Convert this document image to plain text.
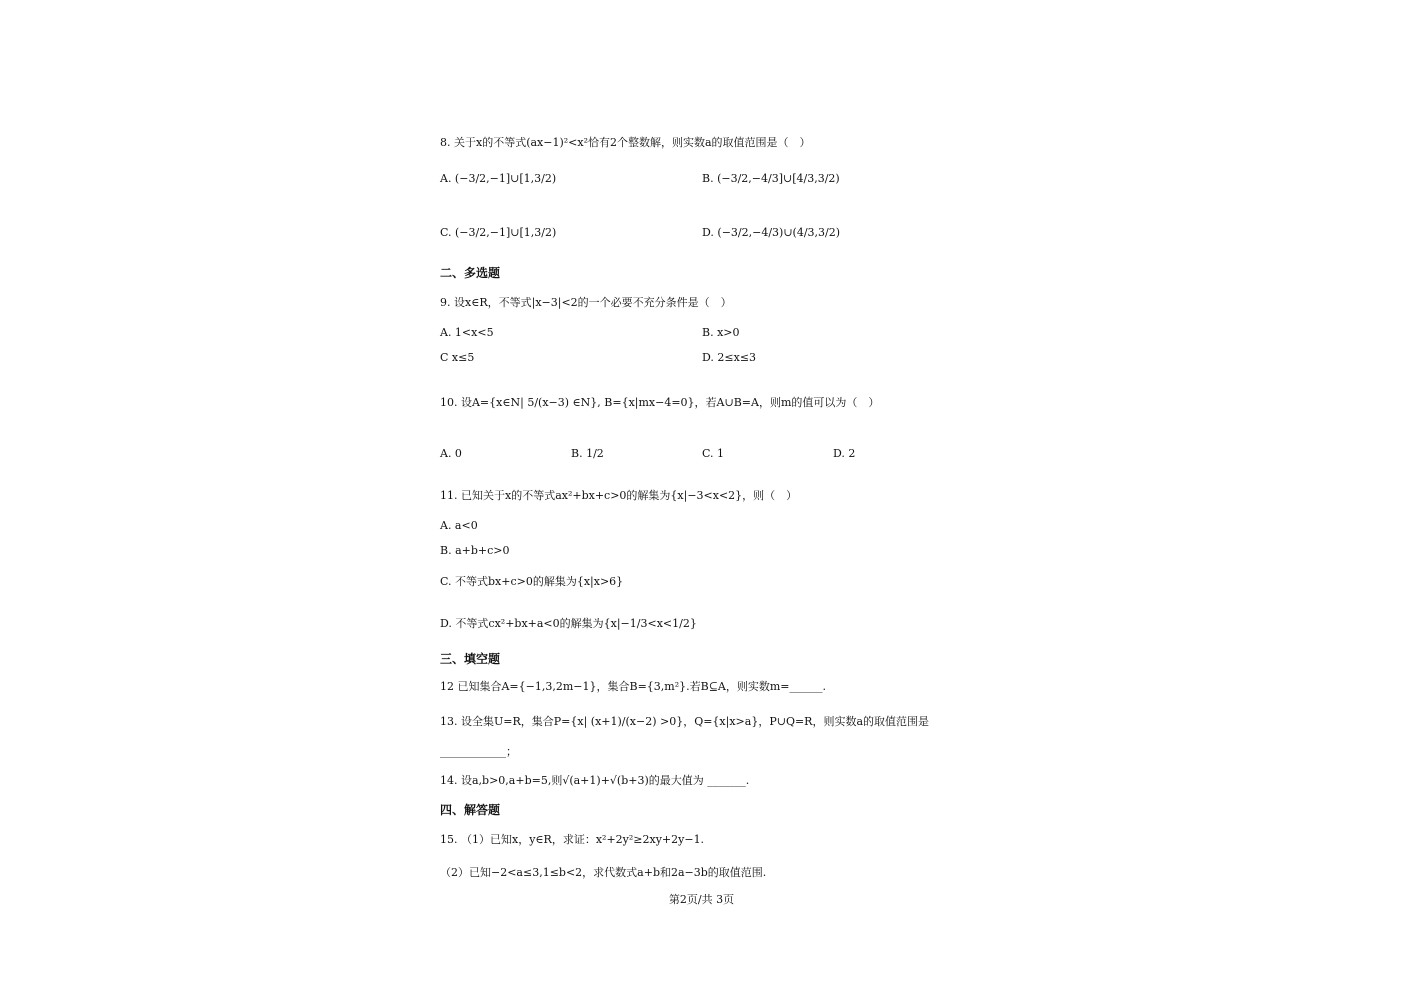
8. 关于x的不等式(ax−1)²<x²恰有2个整数解，则实数a的取值范围是（　）
A. (−3/2,−1]∪[1,3/2)	B. (−3/2,−4/3]∪[4/3,3/2)
C. (−3/2,−1]∪[1,3/2)	D. (−3/2,−4/3)∪(4/3,3/2)
二、多选题
9. 设x∈R，不等式|x−3|<2的一个必要不充分条件是（　）
A. 1<x<5	B. x>0
C x≤5	D. 2≤x≤3
10. 设A={x∈N| 5/(x−3) ∈N}, B={x|mx−4=0}，若A∪B=A，则m的值可以为（　）
A. 0	B. 1/2	C. 1	D. 2
11. 已知关于x的不等式ax²+bx+c>0的解集为{x|−3<x<2}，则（　）
A. a<0
B. a+b+c>0
C. 不等式bx+c>0的解集为{x|x>6}
D. 不等式cx²+bx+a<0的解集为{x|−1/3<x<1/2}
三、填空题
12 已知集合A={−1,3,2m−1}，集合B={3,m²}.若B⊆A，则实数m=______.
13. 设全集U=R，集合P={x| (x+1)/(x−2) >0}，Q={x|x>a}，P∪Q=R，则实数a的取值范围是
____________；
14. 设a,b>0,a+b=5,则√(a+1)+√(b+3)的最大值为 _______.
四、解答题
15. （1）已知x，y∈R，求证：x²+2y²≥2xy+2y−1.
（2）已知−2<a≤3,1≤b<2，求代数式a+b和2a−3b的取值范围.
第2页/共 3页
